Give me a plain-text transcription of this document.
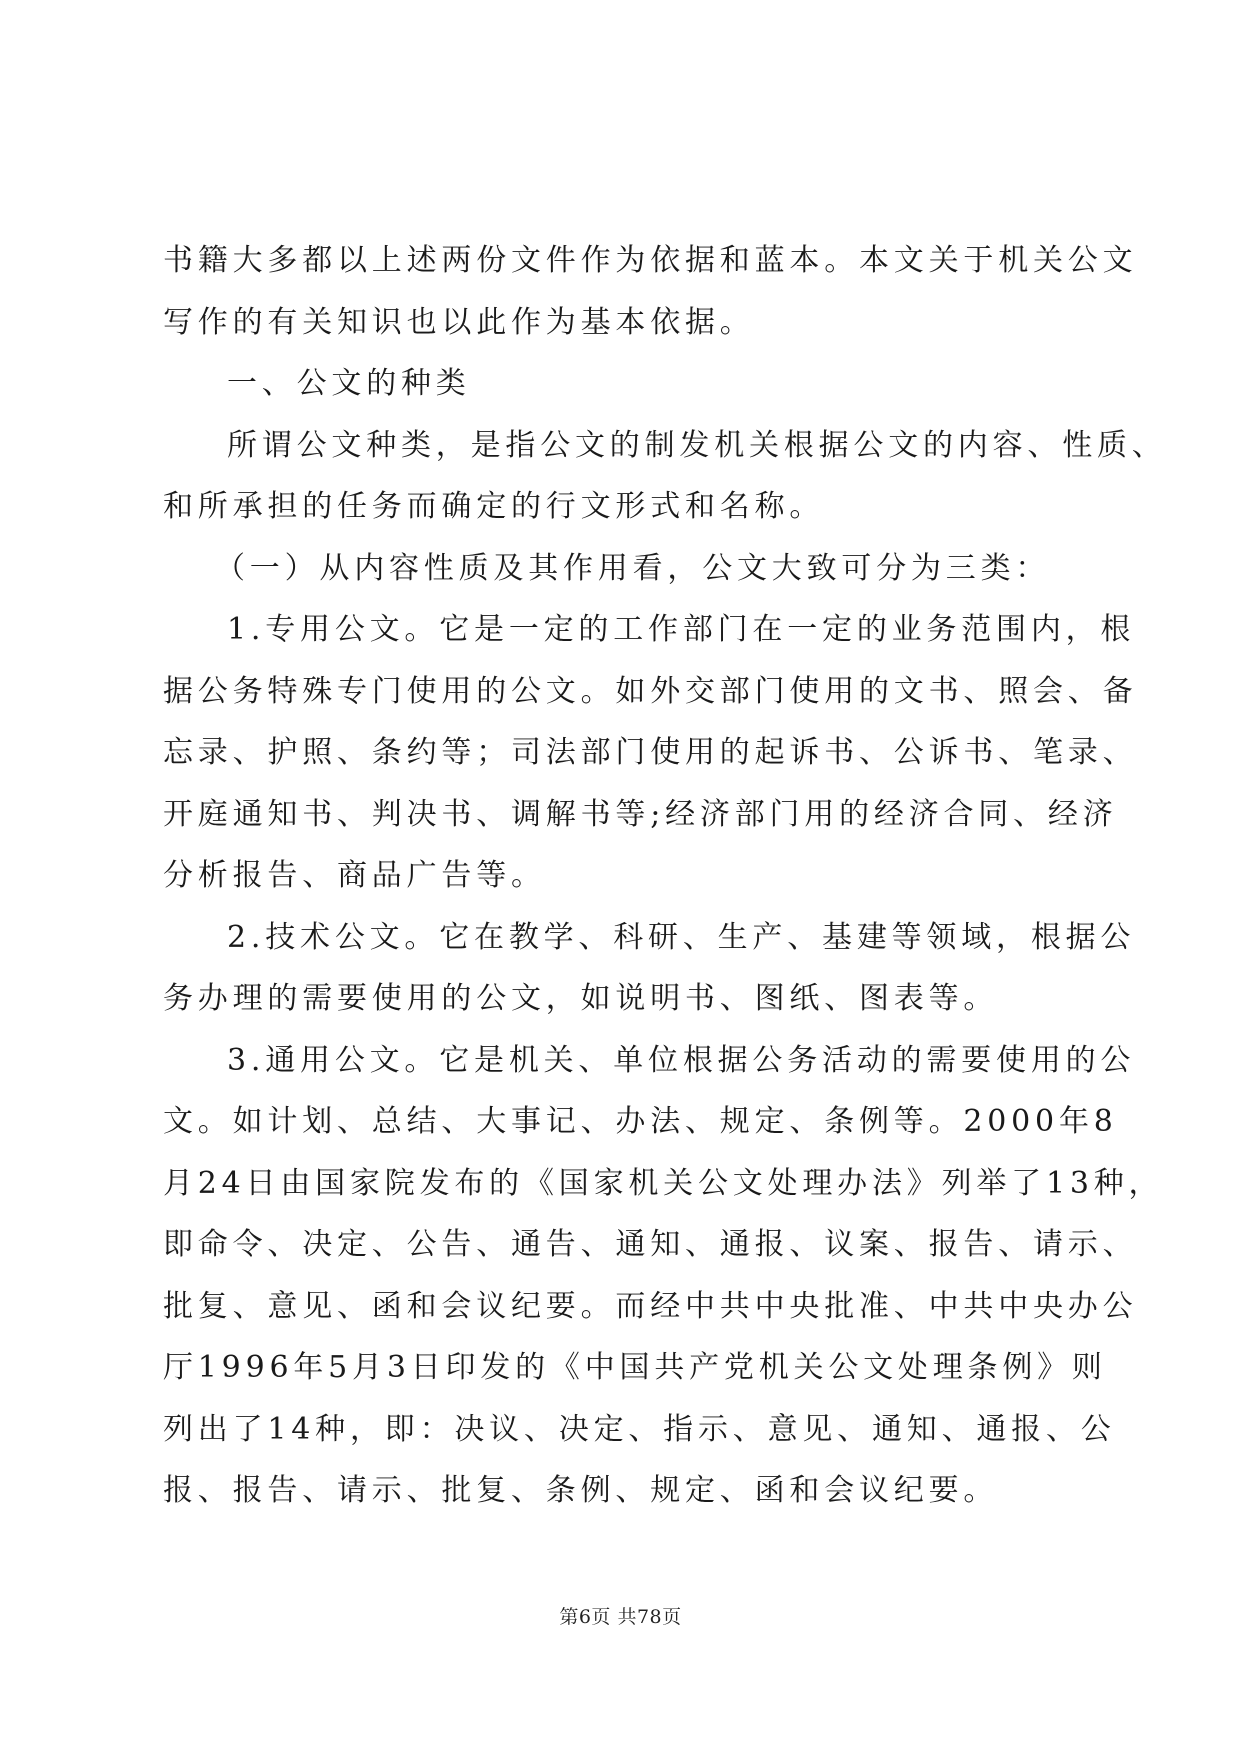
书籍大多都以上述两份文件作为依据和蓝本。本文关于机关公文
写作的有关知识也以此作为基本依据。
一、公文的种类
所谓公文种类，是指公文的制发机关根据公文的内容、性质、
和所承担的任务而确定的行文形式和名称。
（一）从内容性质及其作用看，公文大致可分为三类：
1.专用公文。它是一定的工作部门在一定的业务范围内，根
据公务特殊专门使用的公文。如外交部门使用的文书、照会、备
忘录、护照、条约等；司法部门使用的起诉书、公诉书、笔录、
开庭通知书、判决书、调解书等;经济部门用的经济合同、经济
分析报告、商品广告等。
2.技术公文。它在教学、科研、生产、基建等领域，根据公
务办理的需要使用的公文，如说明书、图纸、图表等。
3.通用公文。它是机关、单位根据公务活动的需要使用的公
文。如计划、总结、大事记、办法、规定、条例等。2000年8
月24日由国家院发布的《国家机关公文处理办法》列举了13种，
即命令、决定、公告、通告、通知、通报、议案、报告、请示、
批复、意见、函和会议纪要。而经中共中央批准、中共中央办公
厅1996年5月3日印发的《中国共产党机关公文处理条例》则
列出了14种，即：决议、决定、指示、意见、通知、通报、公
报、报告、请示、批复、条例、规定、函和会议纪要。
第6页 共78页
